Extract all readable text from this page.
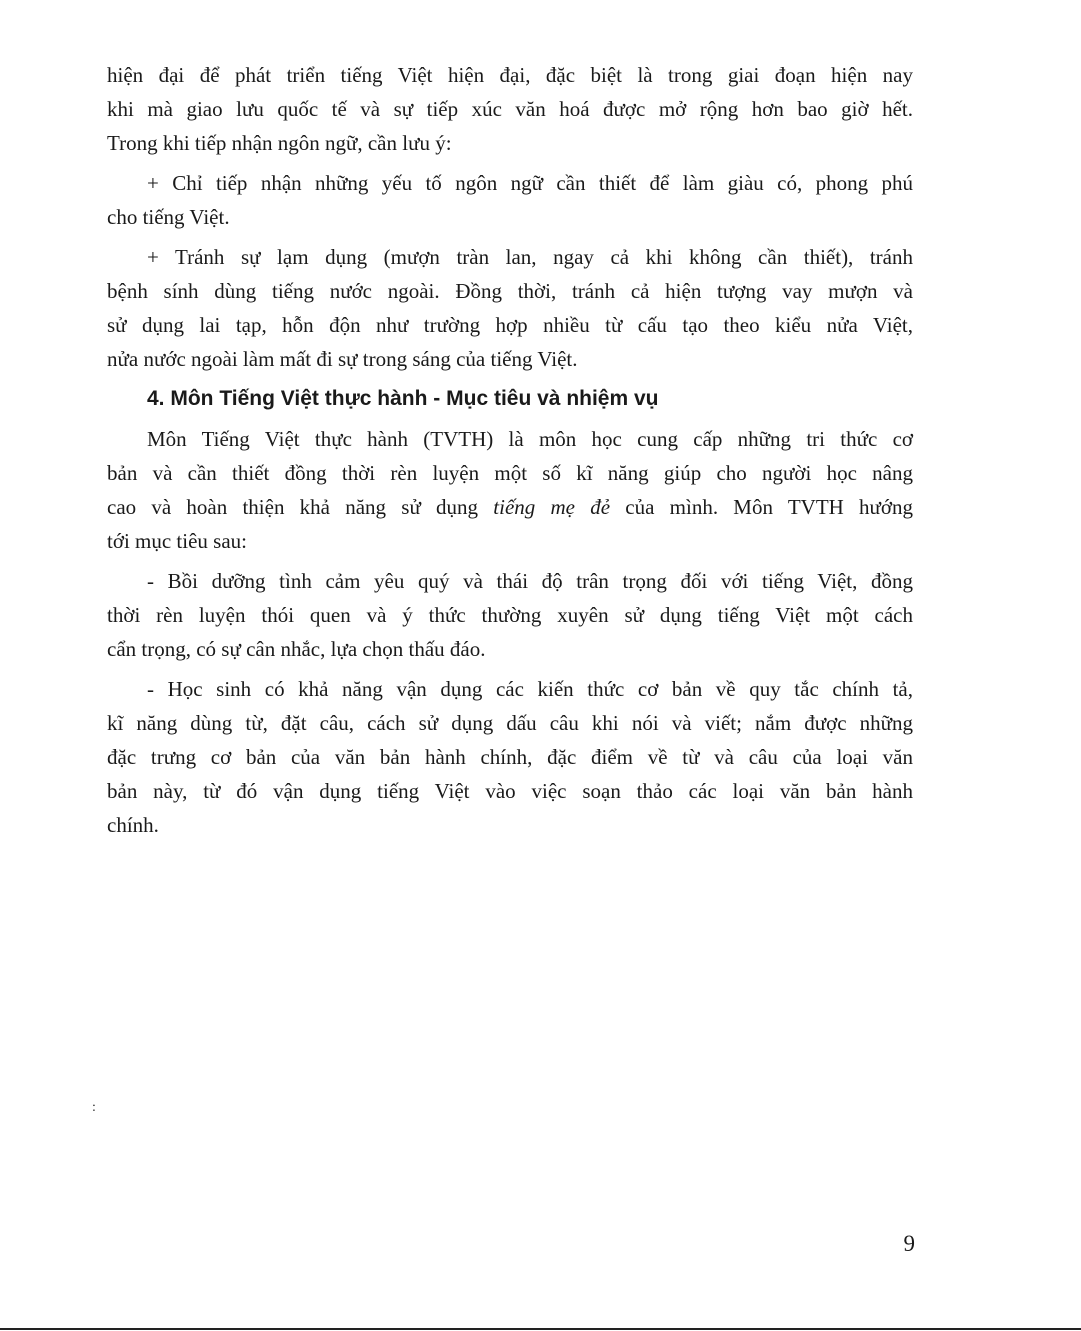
hiện đại để phát triển tiếng Việt hiện đại, đặc biệt là trong giai đoạn hiện nay
khi mà giao lưu quốc tế và sự tiếp xúc văn hoá được mở rộng hơn bao giờ hết.
Trong khi tiếp nhận ngôn ngữ, cần lưu ý:
+ Chỉ tiếp nhận những yếu tố ngôn ngữ cần thiết để làm giàu có, phong phú
cho tiếng Việt.
+ Tránh sự lạm dụng (mượn tràn lan, ngay cả khi không cần thiết), tránh
bệnh sính dùng tiếng nước ngoài. Đồng thời, tránh cả hiện tượng vay mượn và
sử dụng lai tạp, hỗn độn như trường hợp nhiều từ cấu tạo theo kiểu nửa Việt,
nửa nước ngoài làm mất đi sự trong sáng của tiếng Việt.
4. Môn Tiếng Việt thực hành - Mục tiêu và nhiệm vụ
Môn Tiếng Việt thực hành (TVTH) là môn học cung cấp những tri thức cơ
bản và cần thiết đồng thời rèn luyện một số kĩ năng giúp cho người học nâng
cao và hoàn thiện khả năng sử dụng tiếng mẹ đẻ của mình. Môn TVTH hướng
tới mục tiêu sau:
- Bồi dưỡng tình cảm yêu quý và thái độ trân trọng đối với tiếng Việt, đồng
thời rèn luyện thói quen và ý thức thường xuyên sử dụng tiếng Việt một cách
cẩn trọng, có sự cân nhắc, lựa chọn thấu đáo.
- Học sinh có khả năng vận dụng các kiến thức cơ bản về quy tắc chính tả,
kĩ năng dùng từ, đặt câu, cách sử dụng dấu câu khi nói và viết; nắm được những
đặc trưng cơ bản của văn bản hành chính, đặc điểm về từ và câu của loại văn
bản này, từ đó vận dụng tiếng Việt vào việc soạn thảo các loại văn bản hành
chính.
:
9
